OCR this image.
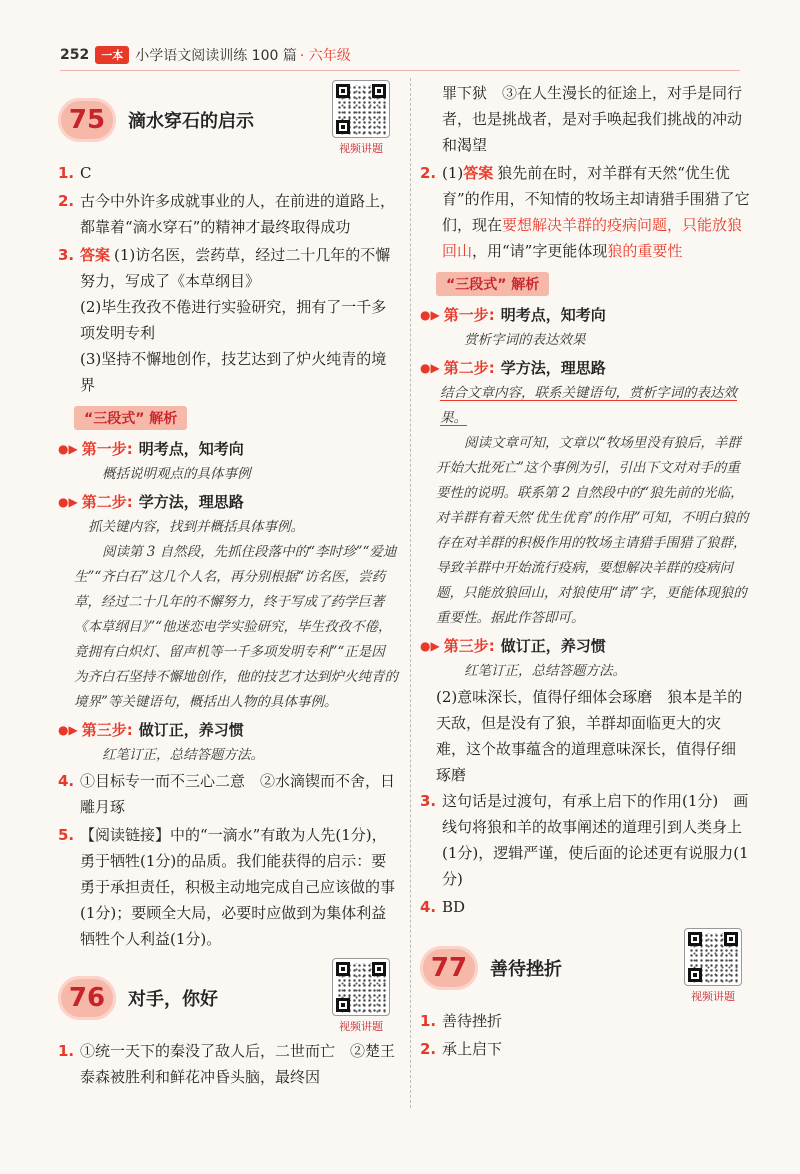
252	一本 小学语文阅读训练 100 篇 · 六年级
75	滴水穿石的启示
视频讲题
1. C
2. 古今中外许多成就事业的人，在前进的道路上，都靠着“滴水穿石”的精神才最终取得成功
3. 答案 (1)访名医，尝药草，经过二十几年的不懈努力，写成了《本草纲目》

(2)毕生孜孜不倦进行实验研究，拥有了一千多项发明专利

(3)坚持不懈地创作，技艺达到了炉火纯青的境界

“三段式” 解析
●▶ 第一步: 明考点，知考向
概括说明观点的具体事例
●▶ 第二步: 学方法，理思路
抓关键内容，找到并概括具体事例。
阅读第 3 自然段，先抓住段落中的“李时珍”“爱迪生”“齐白石”这几个人名，再分别根据“访名医，尝药草，经过二十几年的不懈努力，终于写成了药学巨著《本草纲目》”“他迷恋电学实验研究，毕生孜孜不倦，竟拥有白炽灯、留声机等一千多项发明专利”“正是因为齐白石坚持不懈地创作，他的技艺才达到炉火纯青的境界”等关键语句，概括出人物的具体事例。
●▶ 第三步: 做订正，养习惯
红笔订正，总结答题方法。
4. ①目标专一而不三心二意　②水滴锲而不舍，日雕月琢
5. 【阅读链接】中的“一滴水”有敢为人先(1分)，勇于牺牲(1分)的品质。我们能获得的启示：要勇于承担责任，积极主动地完成自己应该做的事(1分)；要顾全大局，必要时应做到为集体利益牺牲个人利益(1分)。
76	对手，你好
视频讲题
1. ①统一天下的秦没了敌人后，二世而亡　②楚王泰森被胜利和鲜花冲昏头脑，最终因
罪下狱　③在人生漫长的征途上，对手是同行者，也是挑战者，是对手唤起我们挑战的冲动和渴望
2. (1)答案 狼先前在时，对羊群有天然“优生优育”的作用，不知情的牧场主却请猎手围猎了它们，现在要想解决羊群的疫病问题，只能放狼回山，用“请”字更能体现狼的重要性
“三段式” 解析
●▶ 第一步: 明考点，知考向
赏析字词的表达效果
●▶ 第二步: 学方法，理思路
结合文章内容，联系关键语句，赏析字词的表达效果。
阅读文章可知，文章以“牧场里没有狼后，羊群开始大批死亡”这个事例为引，引出下文对对手的重要性的说明。联系第 2 自然段中的“狼先前的光临，对羊群有着天然‘优生优育’的作用”可知，不明白狼的存在对羊群的积极作用的牧场主请猎手围猎了狼群，导致羊群中开始流行疫病，要想解决羊群的疫病问题，只能放狼回山，对狼使用“请”字，更能体现狼的重要性。据此作答即可。
●▶ 第三步: 做订正，养习惯
红笔订正，总结答题方法。
(2)意味深长，值得仔细体会琢磨　狼本是羊的天敌，但是没有了狼，羊群却面临更大的灾难，这个故事蕴含的道理意味深长，值得仔细琢磨
3. 这句话是过渡句，有承上启下的作用(1分)　画线句将狼和羊的故事阐述的道理引到人类身上(1分)，逻辑严谨，使后面的论述更有说服力(1分)
4. BD
77	善待挫折
视频讲题
1. 善待挫折
2. 承上启下
